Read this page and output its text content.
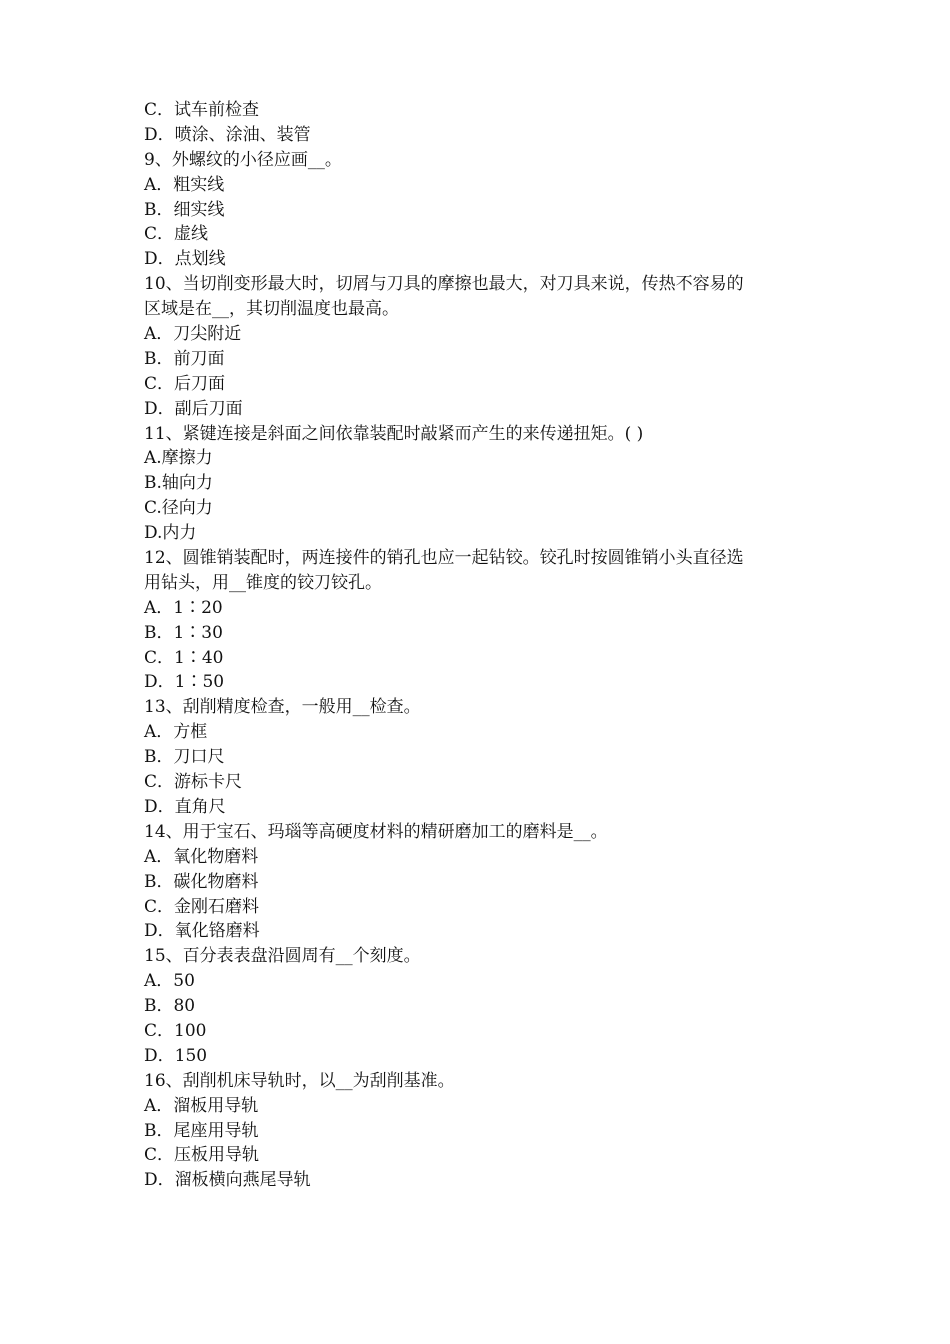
C．试车前检查
D．喷涂、涂油、装管
9、外螺纹的小径应画__。
A．粗实线
B．细实线
C．虚线
D．点划线
10、当切削变形最大时，切屑与刀具的摩擦也最大，对刀具来说，传热不容易的
区域是在__，其切削温度也最高。
A．刀尖附近
B．前刀面
C．后刀面
D．副后刀面
11、紧键连接是斜面之间依靠装配时敲紧而产生的来传递扭矩。( )
A.摩擦力
B.轴向力
C.径向力
D.内力
12、圆锥销装配时，两连接件的销孔也应一起钻铰。铰孔时按圆锥销小头直径选
用钻头，用__锥度的铰刀铰孔。
A．1∶20
B．1∶30
C．1∶40
D．1∶50
13、刮削精度检查，一般用__检查。
A．方框
B．刀口尺
C．游标卡尺
D．直角尺
14、用于宝石、玛瑙等高硬度材料的精研磨加工的磨料是__。
A．氧化物磨料
B．碳化物磨料
C．金刚石磨料
D．氧化铬磨料
15、百分表表盘沿圆周有__个刻度。
A．50
B．80
C．100
D．150
16、刮削机床导轨时，以__为刮削基准。
A．溜板用导轨
B．尾座用导轨
C．压板用导轨
D．溜板横向燕尾导轨
